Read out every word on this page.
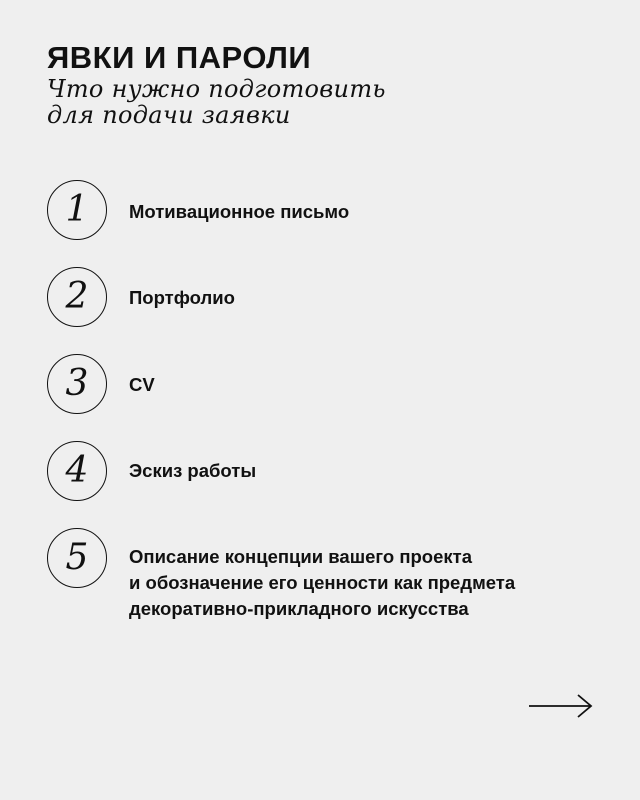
ЯВКИ И ПАРОЛИ

Что нужно подготовить
для подачи заявки

1 Мотивационное письмо
2 Портфолио
3 CV
4 Эскиз работы
5 Описание концепции вашего проекта
и обозначение его ценности как предмета
декоративно-прикладного искусства
